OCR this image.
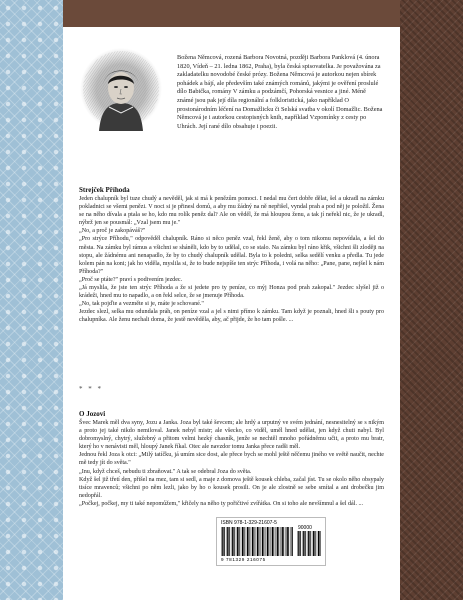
Božena Němcová, rozená Barbora Novotná, později Barbora Panklová (4. února 1820, Vídeň – 21. ledna 1862, Praha), byla česká spisovatelka. Je považována za zakladatelku novodobé české prózy. Božena Němcová je autorkou nejen sbírek pohádek a bájí, ale především také známých románů, jakými je ověření proslulé dílo Babička, romány V zámku a podzámčí, Pohorská vesnice a jiné. Méně známé jsou pak její díla regionální a folkloristická, jako například O prostonárodním léčení na Domažlicku či Selská svatba v okolí Domažlic. Božena Němcová je i autorkou cestopisných knih, například Vzpomínky z cesty po Uhrách. Její rané dílo obsahuje i poezii.
Strejček Příhoda

Jeden chalupník byl tuze chudý a nevěděl, jak si má k penězům pomoci. I nedal mu čert dobře dělat, šel a ukradl na zámku pokladnici se všemi penězi. V noci si je přinesl domů, a aby mu žádný na ně nepřišel, vyndal prah a pod něj je položil. Žena se na něho dívala a ptala se ho, kdo mu rolík peněz dal? Ale on věděl, že má hloupou ženu, a tak jí neřekl nic, že je ukradl, nýbrž jen se pousmál: „Vzal jsem mu je."

„No, a proč je zakopáváš?"

„Pro strýce Příhodu," odpověděl chalupník. Ráno si něco peněz vzal, řekl ženě, aby o tom nikomu nepovídala, a šel do města. Na zámku byl rámus a všichni se sháněli, kdo by to udělal, co se stalo. Na zámku byl ráno křik, všichni šli zloději na stopu, ale žádnému ani nenapadlo, že by to chudý chalupník udělal. Byla to k poledni, selka sedělí venku a předla. Tu jede kolem pán na koni; jak ho viděla, myslila si, že to bude nejspíše ten strýc Příhoda, i volá na něho: „Pane, pane, nejšel k nám Příhoda?"

„Proč se ptáte?" praví s podivením jezdec.

„Já myslila, že jste ten strýc Příhoda a že si jedete pro ty peníze, co mýj Honza pod prah zakopal." Jezdec slyšel již o krádeži, hned mu to napadlo, a on řekl selce, že se jmenuje Příhoda.

„No, tak pojďte a vezměte si je, máte je schované."

Jezdec slezl, selka mu odundala práh, on peníze vzal a jel s nimi přímo k zámku. Tam když je poznali, hned šli s pouty pro chalupníka. Ale ženu nechali doma, že jestě nevěděla, aby, ač přijde, že ho tam pošle. ...

* * *
O Jozovi

Švec Marek měl dva syny, Jozu a Janka. Joza byl také ševcem; ale hrdý a urputný ve svém jednání, nesnesitelný se s nikým a proto jej také nikdo nemiloval. Janek nebyl mistr; ale všecko, co viděl, uměl hned udělat, jen když chuti nabyl. Byl dobromyslný, chytrý, služebný a přitom velmi hezký chasník, jenže se nechtěl mnoho pořádněmu učit, a proto mu bratr, který ho v nenávisti měl, hloupý Janek říkal. Otec ale navzdor tomu Janka přece radši měl.

Jednou řekl Joza k otci: „Milý tatíčku, já umím sice dost, ale přece bych se mohl ještě něčemu jiného ve světě naučit, nechte mě tedy jít do světa."

„Inu, když chceš, nebudu ti zbraňovat." A tak se odebral Joza do světa.

Když šel již třetí den, přišel na mez, tam si sedl, a maje z domova ještě kousek chleba, začal jíst. Tu se okolo něho obsypaly tisíce mravenců; všichni po něm lezli, jako by ho o kousek prosili. On je ale zlostně se sebe smítal a ani drobečku jim nedopřál.

„Počkej, počkej, my ti také nepomůžem," křičely na něho ty pořičtivé zvířátka. On si toho ale nevšímnul a šel dál. ...

ID: 16898884
www.lulu.com
ISBN 978-1-329-21607-5
90000
9 781329 216075
